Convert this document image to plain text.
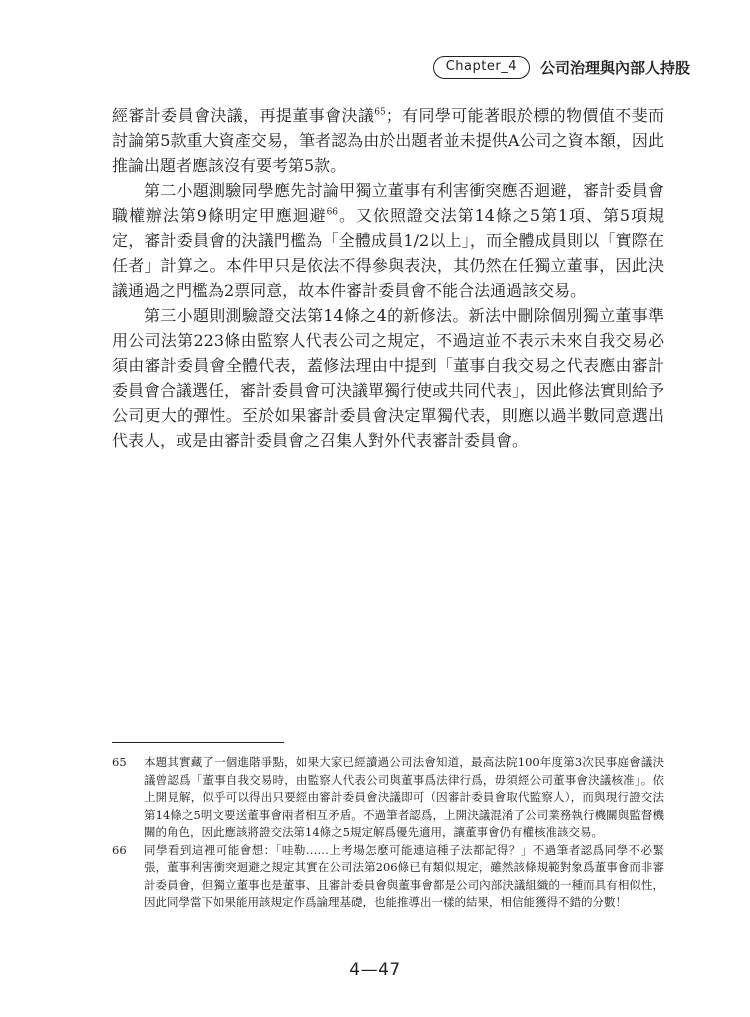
Chapter_4	公司治理與內部人持股

經審計委員會決議，再提董事會決議$^{65}$；有同學可能著眼於標的物價值不斐而討論第5款重大資產交易，筆者認為由於出題者並未提供A公司之資本額，因此推論出題者應該沒有要考第5款。

第二小題測驗同學應先討論甲獨立董事有利害衝突應否迴避，審計委員會職權辦法第9條明定甲應迴避$^{66}$。又依照證交法第14條之5第1項、第5項規定，審計委員會的決議門檻為「全體成員1/2以上」，而全體成員則以「實際在任者」計算之。本件甲只是依法不得參與表決，其仍然在任獨立董事，因此決議通過之門檻為2票同意，故本件審計委員會不能合法通過該交易。

第三小題則測驗證交法第14條之4的新修法。新法中刪除個別獨立董事準用公司法第223條由監察人代表公司之規定，不過這並不表示未來自我交易必須由審計委員會全體代表，蓋修法理由中提到「董事自我交易之代表應由審計委員會合議選任，審計委員會可決議單獨行使或共同代表」，因此修法實則給予公司更大的彈性。至於如果審計委員會決定單獨代表，則應以過半數同意選出代表人，或是由審計委員會之召集人對外代表審計委員會。

65	本題其實藏了一個進階爭點，如果大家已經讀過公司法會知道，最高法院100年度第3次民事庭會議決議曾認爲「董事自我交易時，由監察人代表公司與董事爲法律行爲，毋須經公司董事會決議核准」。依上開見解，似乎可以得出只要經由審計委員會決議即可（因審計委員會取代監察人），而與現行證交法第14條之5明文要送董事會兩者相互矛盾。不過筆者認爲，上開決議混淆了公司業務執行機關與監督機關的角色，因此應該將證交法第14條之5規定解爲優先適用，讓董事會仍有權核准該交易。
66	同學看到這裡可能會想：「哇勒……上考場怎麼可能連這種子法都記得？」不過筆者認爲同學不必緊張，董事利害衝突迴避之規定其實在公司法第206條已有類似規定，雖然該條規範對象爲董事會而非審計委員會，但獨立董事也是董事、且審計委員會與董事會都是公司內部決議組織的一種而具有相似性，因此同學當下如果能用該規定作爲論理基礎，也能推導出一樣的結果，相信能獲得不錯的分數！
4—47
